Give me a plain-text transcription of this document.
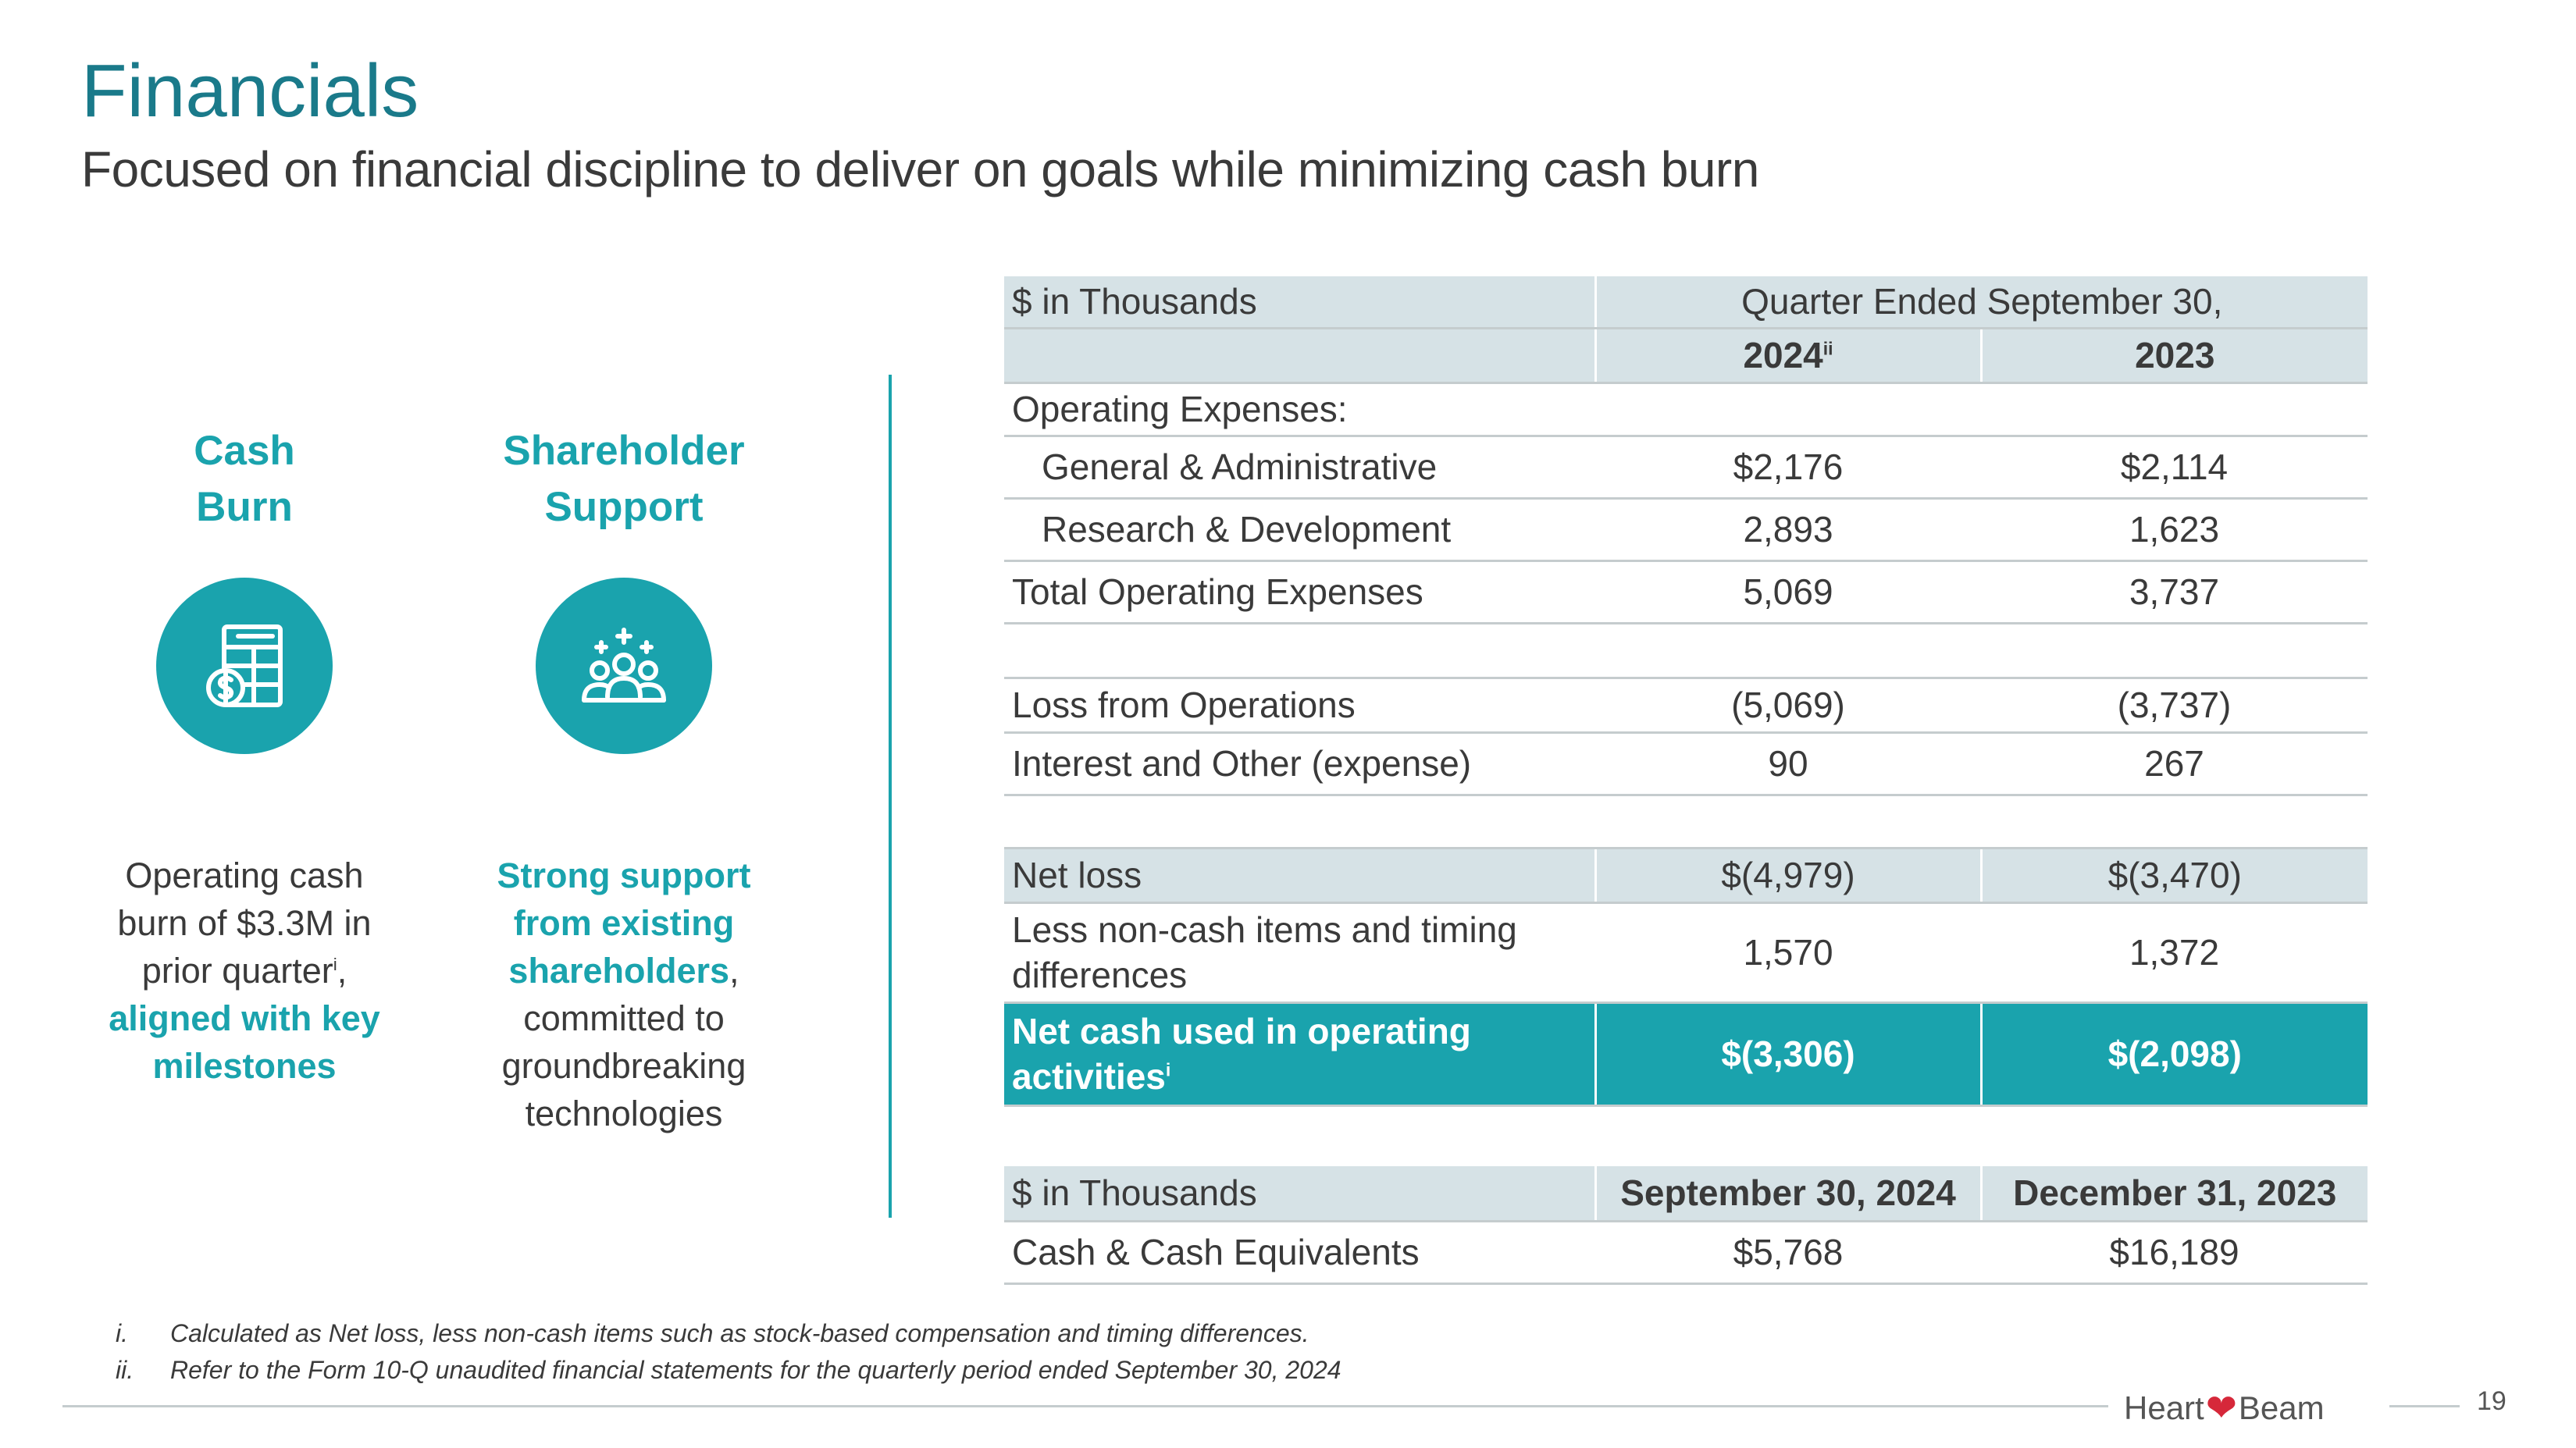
Financials
Focused on financial discipline to deliver on goals while minimizing cash burn
Cash
Burn
Operating cash
burn of $3.3M in
prior quarter$^i$,
aligned with key
milestones
Shareholder
Support
Strong support
from existing
shareholders,
committed to
groundbreaking
technologies
$ in Thousands	Quarter Ended September 30,	
	2024$^{ii}$	2023
Operating Expenses:		
General & Administrative	$2,176	$2,114
Research & Development	2,893	1,623
Total Operating Expenses	5,069	3,737

Loss from Operations	(5,069)	(3,737)
Interest and Other (expense)	90	267

Net loss	$(4,979)	$(3,470)

Less non-cash items and timing
differences	1,570	1,372

Net cash used in operating
activities$^i$	$(3,306)	$(2,098)
$ in Thousands	September 30, 2024	December 31, 2023
Cash & Cash Equivalents	$5,768	$16,189
i. Calculated as Net loss, less non-cash items such as stock-based compensation and timing differences.
ii. Refer to the Form 10-Q unaudited financial statements for the quarterly period ended September 30, 2024
Heart ❤ Beam	19
